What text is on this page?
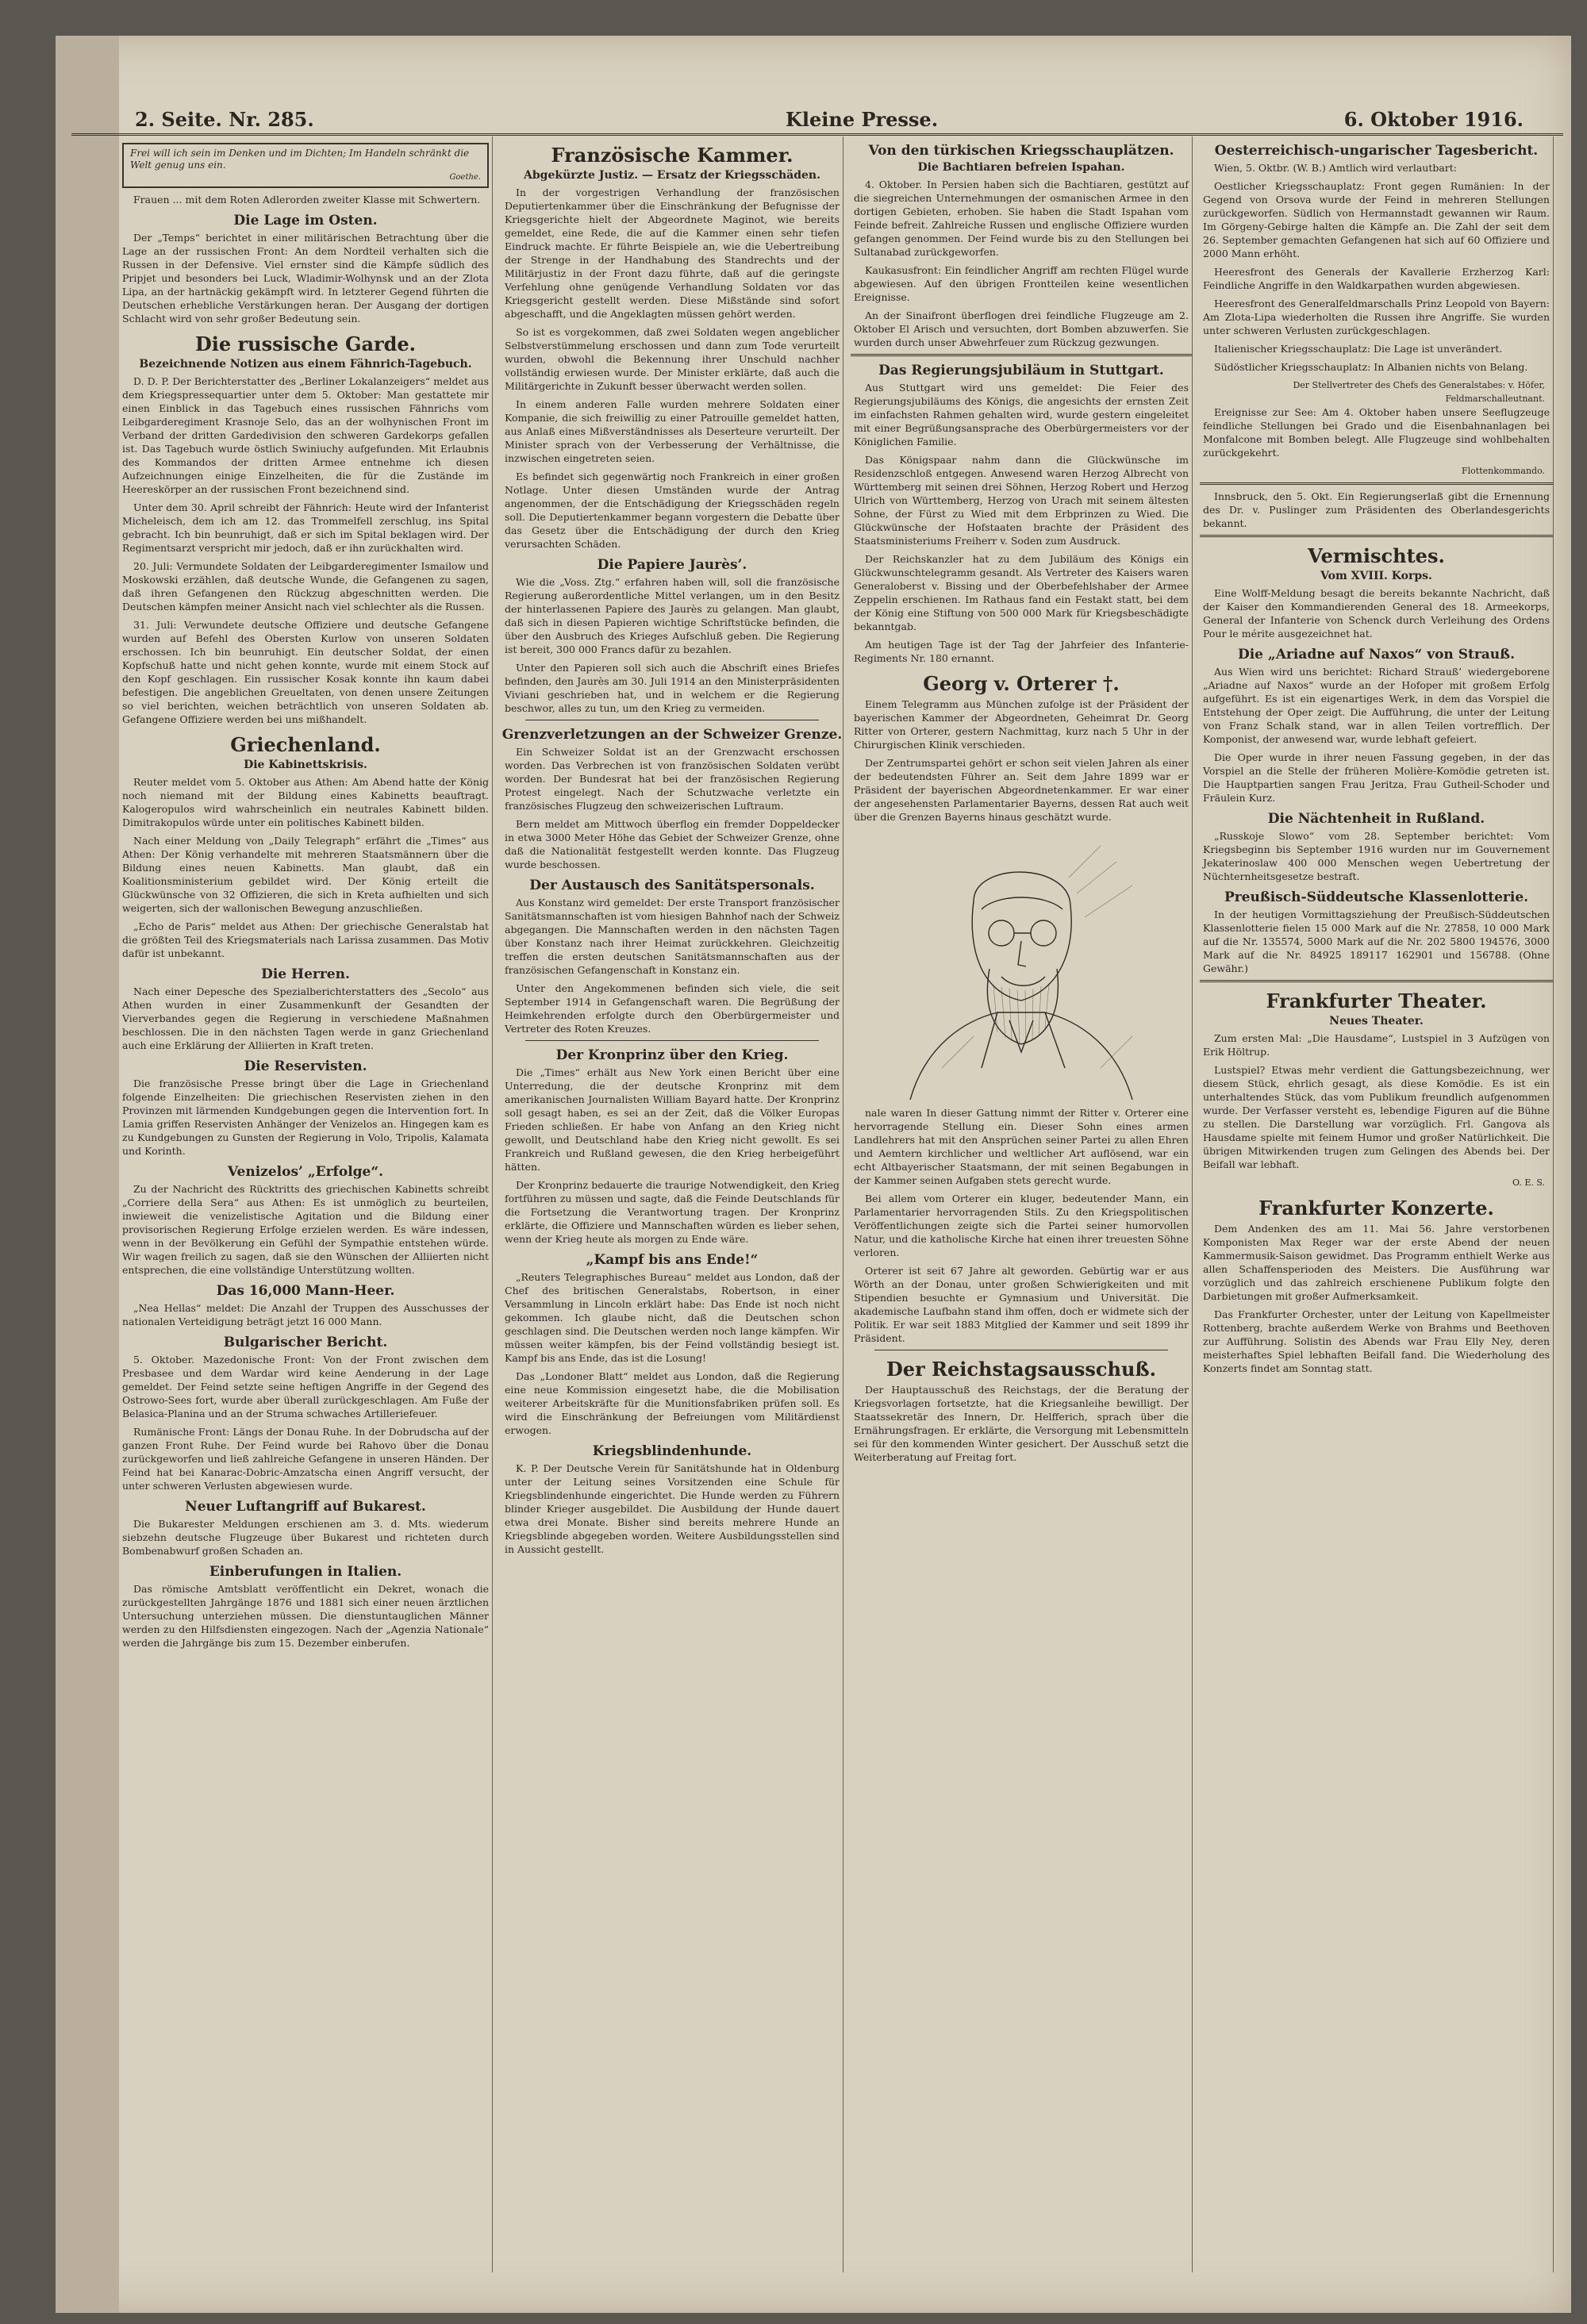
2. Seite. Nr. 285.	Kleine Presse.	6. Oktober 1916.
Frei will ich sein im Denken und im Dichten; Im Handeln schränkt die Welt genug uns ein.
Goethe.

Frauen ... mit dem Roten Adlerorden zweiter Klasse mit Schwertern.

Die Lage im Osten.

Der „Temps“ berichtet in einer militärischen Betrachtung über die Lage an der russischen Front: An dem Nordteil verhalten sich die Russen in der Defensive. Viel ernster sind die Kämpfe südlich des Pripjet und besonders bei Luck, Wladimir-Wolhynsk und an der Zlota Lipa, an der hartnäckig gekämpft wird. In letzterer Gegend führten die Deutschen erhebliche Verstärkungen heran. Der Ausgang der dortigen Schlacht wird von sehr großer Bedeutung sein.

Die russische Garde.
Bezeichnende Notizen aus einem Fähnrich-Tagebuch.

D. D. P. Der Berichterstatter des „Berliner Lokalanzeigers“ meldet aus dem Kriegspressequartier unter dem 5. Oktober: Man gestattete mir einen Einblick in das Tagebuch eines russischen Fähnrichs vom Leibgarderegiment Krasnoje Selo, das an der wolhynischen Front im Verband der dritten Gardedivision den schweren Gardekorps gefallen ist. Das Tagebuch wurde östlich Swiniuchy aufgefunden. Mit Erlaubnis des Kommandos der dritten Armee entnehme ich diesen Aufzeichnungen einige Einzelheiten, die für die Zustände im Heereskörper an der russischen Front bezeichnend sind.

Unter dem 30. April schreibt der Fähnrich: Heute wird der Infanterist Micheleisch, dem ich am 12. das Trommelfell zerschlug, ins Spital gebracht. Ich bin beunruhigt, daß er sich im Spital beklagen wird. Der Regimentsarzt verspricht mir jedoch, daß er ihn zurückhalten wird.

20. Juli: Vermundete Soldaten der Leibgarderegimenter Ismailow und Moskowski erzählen, daß deutsche Wunde, die Gefangenen zu sagen, daß ihren Gefangenen den Rückzug abgeschnitten werden. Die Deutschen kämpfen meiner Ansicht nach viel schlechter als die Russen.

31. Juli: Verwundete deutsche Offiziere und deutsche Gefangene wurden auf Befehl des Obersten Kurlow von unseren Soldaten erschossen. Ich bin beunruhigt. Ein deutscher Soldat, der einen Kopfschuß hatte und nicht gehen konnte, wurde mit einem Stock auf den Kopf geschlagen. Ein russischer Kosak konnte ihn kaum dabei befestigen. Die angeblichen Greueltaten, von denen unsere Zeitungen so viel berichten, weichen beträchtlich von unseren Soldaten ab. Gefangene Offiziere werden bei uns mißhandelt.

Griechenland.
Die Kabinettskrisis.

Reuter meldet vom 5. Oktober aus Athen: Am Abend hatte der König noch niemand mit der Bildung eines Kabinetts beauftragt. Kalogeropulos wird wahrscheinlich ein neutrales Kabinett bilden. Dimitrakopulos würde unter ein politisches Kabinett bilden.

Nach einer Meldung von „Daily Telegraph“ erfährt die „Times“ aus Athen: Der König verhandelte mit mehreren Staatsmännern über die Bildung eines neuen Kabinetts. Man glaubt, daß ein Koalitionsministerium gebildet wird. Der König erteilt die Glückwünsche von 32 Offizieren, die sich in Kreta aufhielten und sich weigerten, sich der wallonischen Bewegung anzuschließen.

„Echo de Paris“ meldet aus Athen: Der griechische Generalstab hat die größten Teil des Kriegsmaterials nach Larissa zusammen. Das Motiv dafür ist unbekannt.

Die Herren.

Nach einer Depesche des Spezialberichterstatters des „Secolo“ aus Athen wurden in einer Zusammenkunft der Gesandten der Vierverbandes gegen die Regierung in verschiedene Maßnahmen beschlossen. Die in den nächsten Tagen werde in ganz Griechenland auch eine Erklärung der Alliierten in Kraft treten.

Die Reservisten.

Die französische Presse bringt über die Lage in Griechenland folgende Einzelheiten: Die griechischen Reservisten ziehen in den Provinzen mit lärmenden Kundgebungen gegen die Intervention fort. In Lamia griffen Reservisten Anhänger der Venizelos an. Hingegen kam es zu Kundgebungen zu Gunsten der Regierung in Volo, Tripolis, Kalamata und Korinth.

Venizelos’ „Erfolge“.

Zu der Nachricht des Rücktritts des griechischen Kabinetts schreibt „Corriere della Sera“ aus Athen: Es ist unmöglich zu beurteilen, inwieweit die venizelistische Agitation und die Bildung einer provisorischen Regierung Erfolge erzielen werden. Es wäre indessen, wenn in der Bevölkerung ein Gefühl der Sympathie entstehen würde. Wir wagen freilich zu sagen, daß sie den Wünschen der Alliierten nicht entsprechen, die eine vollständige Unterstützung wollten.

Das 16,000 Mann-Heer.

„Nea Hellas“ meldet: Die Anzahl der Truppen des Ausschusses der nationalen Verteidigung beträgt jetzt 16 000 Mann.

Bulgarischer Bericht.

5. Oktober. Mazedonische Front: Von der Front zwischen dem Presbasee und dem Wardar wird keine Aenderung in der Lage gemeldet. Der Feind setzte seine heftigen Angriffe in der Gegend des Ostrowo-Sees fort, wurde aber überall zurückgeschlagen. Am Fuße der Belasica-Planina und an der Struma schwaches Artilleriefeuer.

Rumänische Front: Längs der Donau Ruhe. In der Dobrudscha auf der ganzen Front Ruhe. Der Feind wurde bei Rahovo über die Donau zurückgeworfen und ließ zahlreiche Gefangene in unseren Händen. Der Feind hat bei Kanarac-Dobric-Amzatscha einen Angriff versucht, der unter schweren Verlusten abgewiesen wurde.

Neuer Luftangriff auf Bukarest.

Die Bukarester Meldungen erschienen am 3. d. Mts. wiederum siebzehn deutsche Flugzeuge über Bukarest und richteten durch Bombenabwurf großen Schaden an.

Einberufungen in Italien.

Das römische Amtsblatt veröffentlicht ein Dekret, wonach die zurückgestellten Jahrgänge 1876 und 1881 sich einer neuen ärztlichen Untersuchung unterziehen müssen. Die dienstuntauglichen Männer werden zu den Hilfsdiensten eingezogen. Nach der „Agenzia Nationale“ werden die Jahrgänge bis zum 15. Dezember einberufen.

Französische Kammer.
Abgekürzte Justiz. — Ersatz der Kriegsschäden.

In der vorgestrigen Verhandlung der französischen Deputiertenkammer über die Einschränkung der Befugnisse der Kriegsgerichte hielt der Abgeordnete Maginot, wie bereits gemeldet, eine Rede, die auf die Kammer einen sehr tiefen Eindruck machte. Er führte Beispiele an, wie die Uebertreibung der Strenge in der Handhabung des Standrechts und der Militärjustiz in der Front dazu führte, daß auf die geringste Verfehlung ohne genügende Verhandlung Soldaten vor das Kriegsgericht gestellt werden. Diese Mißstände sind sofort abgeschafft, und die Angeklagten müssen gehört werden.

So ist es vorgekommen, daß zwei Soldaten wegen angeblicher Selbstverstümmelung erschossen und dann zum Tode verurteilt wurden, obwohl die Bekennung ihrer Unschuld nachher vollständig erwiesen wurde. Der Minister erklärte, daß auch die Militärgerichte in Zukunft besser überwacht werden sollen.

In einem anderen Falle wurden mehrere Soldaten einer Kompanie, die sich freiwillig zu einer Patrouille gemeldet hatten, aus Anlaß eines Mißverständnisses als Deserteure verurteilt. Der Minister sprach von der Verbesserung der Verhältnisse, die inzwischen eingetreten seien.

Es befindet sich gegenwärtig noch Frankreich in einer großen Notlage. Unter diesen Umständen wurde der Antrag angenommen, der die Entschädigung der Kriegsschäden regeln soll. Die Deputiertenkammer begann vorgestern die Debatte über das Gesetz über die Entschädigung der durch den Krieg verursachten Schäden.

Die Papiere Jaurès’.

Wie die „Voss. Ztg.“ erfahren haben will, soll die französische Regierung außerordentliche Mittel verlangen, um in den Besitz der hinterlassenen Papiere des Jaurès zu gelangen. Man glaubt, daß sich in diesen Papieren wichtige Schriftstücke befinden, die über den Ausbruch des Krieges Aufschluß geben. Die Regierung ist bereit, 300 000 Francs dafür zu bezahlen.

Unter den Papieren soll sich auch die Abschrift eines Briefes befinden, den Jaurès am 30. Juli 1914 an den Ministerpräsidenten Viviani geschrieben hat, und in welchem er die Regierung beschwor, alles zu tun, um den Krieg zu vermeiden.

Grenzverletzungen an der Schweizer Grenze.

Ein Schweizer Soldat ist an der Grenzwacht erschossen worden. Das Verbrechen ist von französischen Soldaten verübt worden. Der Bundesrat hat bei der französischen Regierung Protest eingelegt. Nach der Schutzwache verletzte ein französisches Flugzeug den schweizerischen Luftraum.

Bern meldet am Mittwoch überflog ein fremder Doppeldecker in etwa 3000 Meter Höhe das Gebiet der Schweizer Grenze, ohne daß die Nationalität festgestellt werden konnte. Das Flugzeug wurde beschossen.

Der Austausch des Sanitätspersonals.

Aus Konstanz wird gemeldet: Der erste Transport französischer Sanitätsmannschaften ist vom hiesigen Bahnhof nach der Schweiz abgegangen. Die Mannschaften werden in den nächsten Tagen über Konstanz nach ihrer Heimat zurückkehren. Gleichzeitig treffen die ersten deutschen Sanitätsmannschaften aus der französischen Gefangenschaft in Konstanz ein.

Unter den Angekommenen befinden sich viele, die seit September 1914 in Gefangenschaft waren. Die Begrüßung der Heimkehrenden erfolgte durch den Oberbürgermeister und Vertreter des Roten Kreuzes.

Der Kronprinz über den Krieg.

Die „Times“ erhält aus New York einen Bericht über eine Unterredung, die der deutsche Kronprinz mit dem amerikanischen Journalisten William Bayard hatte. Der Kronprinz soll gesagt haben, es sei an der Zeit, daß die Völker Europas Frieden schließen. Er habe von Anfang an den Krieg nicht gewollt, und Deutschland habe den Krieg nicht gewollt. Es sei Frankreich und Rußland gewesen, die den Krieg herbeigeführt hätten.

Der Kronprinz bedauerte die traurige Notwendigkeit, den Krieg fortführen zu müssen und sagte, daß die Feinde Deutschlands für die Fortsetzung die Verantwortung tragen. Der Kronprinz erklärte, die Offiziere und Mannschaften würden es lieber sehen, wenn der Krieg heute als morgen zu Ende wäre.

„Kampf bis ans Ende!“

„Reuters Telegraphisches Bureau“ meldet aus London, daß der Chef des britischen Generalstabs, Robertson, in einer Versammlung in Lincoln erklärt habe: Das Ende ist noch nicht gekommen. Ich glaube nicht, daß die Deutschen schon geschlagen sind. Die Deutschen werden noch lange kämpfen. Wir müssen weiter kämpfen, bis der Feind vollständig besiegt ist. Kampf bis ans Ende, das ist die Losung!

Das „Londoner Blatt“ meldet aus London, daß die Regierung eine neue Kommission eingesetzt habe, die die Mobilisation weiterer Arbeitskräfte für die Munitionsfabriken prüfen soll. Es wird die Einschränkung der Befreiungen vom Militärdienst erwogen.

Kriegsblindenhunde.

K. P. Der Deutsche Verein für Sanitätshunde hat in Oldenburg unter der Leitung seines Vorsitzenden eine Schule für Kriegsblindenhunde eingerichtet. Die Hunde werden zu Führern blinder Krieger ausgebildet. Die Ausbildung der Hunde dauert etwa drei Monate. Bisher sind bereits mehrere Hunde an Kriegsblinde abgegeben worden. Weitere Ausbildungsstellen sind in Aussicht gestellt.

Von den türkischen Kriegsschauplätzen.
Die Bachtiaren befreien Ispahan.

4. Oktober. In Persien haben sich die Bachtiaren, gestützt auf die siegreichen Unternehmungen der osmanischen Armee in den dortigen Gebieten, erhoben. Sie haben die Stadt Ispahan vom Feinde befreit. Zahlreiche Russen und englische Offiziere wurden gefangen genommen. Der Feind wurde bis zu den Stellungen bei Sultanabad zurückgeworfen.

Kaukasusfront: Ein feindlicher Angriff am rechten Flügel wurde abgewiesen. Auf den übrigen Frontteilen keine wesentlichen Ereignisse.

An der Sinaifront überflogen drei feindliche Flugzeuge am 2. Oktober El Arisch und versuchten, dort Bomben abzuwerfen. Sie wurden durch unser Abwehrfeuer zum Rückzug gezwungen.

Das Regierungsjubiläum in Stuttgart.

Aus Stuttgart wird uns gemeldet: Die Feier des Regierungsjubiläums des Königs, die angesichts der ernsten Zeit im einfachsten Rahmen gehalten wird, wurde gestern eingeleitet mit einer Begrüßungsansprache des Oberbürgermeisters vor der Königlichen Familie.

Das Königspaar nahm dann die Glückwünsche im Residenzschloß entgegen. Anwesend waren Herzog Albrecht von Württemberg mit seinen drei Söhnen, Herzog Robert und Herzog Ulrich von Württemberg, Herzog von Urach mit seinem ältesten Sohne, der Fürst zu Wied mit dem Erbprinzen zu Wied. Die Glückwünsche der Hofstaaten brachte der Präsident des Staatsministeriums Freiherr v. Soden zum Ausdruck.

Der Reichskanzler hat zu dem Jubiläum des Königs ein Glückwunschtelegramm gesandt. Als Vertreter des Kaisers waren Generaloberst v. Bissing und der Oberbefehlshaber der Armee Zeppelin erschienen. Im Rathaus fand ein Festakt statt, bei dem der König eine Stiftung von 500 000 Mark für Kriegsbeschädigte bekanntgab.

Am heutigen Tage ist der Tag der Jahrfeier des Infanterie-Regiments Nr. 180 ernannt.

Georg v. Orterer †.

Einem Telegramm aus München zufolge ist der Präsident der bayerischen Kammer der Abgeordneten, Geheimrat Dr. Georg Ritter von Orterer, gestern Nachmittag, kurz nach 5 Uhr in der Chirurgischen Klinik verschieden.

Der Zentrumspartei gehört er schon seit vielen Jahren als einer der bedeutendsten Führer an. Seit dem Jahre 1899 war er Präsident der bayerischen Abgeordnetenkammer. Er war einer der angesehensten Parlamentarier Bayerns, dessen Rat auch weit über die Grenzen Bayerns hinaus geschätzt wurde.

nale waren In dieser Gattung nimmt der Ritter v. Orterer eine hervorragende Stellung ein. Dieser Sohn eines armen Landlehrers hat mit den Ansprüchen seiner Partei zu allen Ehren und Aemtern kirchlicher und weltlicher Art auflösend, war ein echt Altbayerischer Staatsmann, der mit seinen Begabungen in der Kammer seinen Aufgaben stets gerecht wurde.

Bei allem vom Orterer ein kluger, bedeutender Mann, ein Parlamentarier hervorragenden Stils. Zu den Kriegspolitischen Veröffentlichungen zeigte sich die Partei seiner humorvollen Natur, und die katholische Kirche hat einen ihrer treuesten Söhne verloren.

Orterer ist seit 67 Jahre alt geworden. Gebürtig war er aus Wörth an der Donau, unter großen Schwierigkeiten und mit Stipendien besuchte er Gymnasium und Universität. Die akademische Laufbahn stand ihm offen, doch er widmete sich der Politik. Er war seit 1883 Mitglied der Kammer und seit 1899 ihr Präsident.

Der Reichstagsausschuß.

Der Hauptausschuß des Reichstags, der die Beratung der Kriegsvorlagen fortsetzte, hat die Kriegsanleihe bewilligt. Der Staatssekretär des Innern, Dr. Helfferich, sprach über die Ernährungsfragen. Er erklärte, die Versorgung mit Lebensmitteln sei für den kommenden Winter gesichert. Der Ausschuß setzt die Weiterberatung auf Freitag fort.

Oesterreichisch-ungarischer Tagesbericht.

Wien, 5. Oktbr. (W. B.) Amtlich wird verlautbart:

Oestlicher Kriegsschauplatz: Front gegen Rumänien: In der Gegend von Orsova wurde der Feind in mehreren Stellungen zurückgeworfen. Südlich von Hermannstadt gewannen wir Raum. Im Görgeny-Gebirge halten die Kämpfe an. Die Zahl der seit dem 26. September gemachten Gefangenen hat sich auf 60 Offiziere und 2000 Mann erhöht.

Heeresfront des Generals der Kavallerie Erzherzog Karl: Feindliche Angriffe in den Waldkarpathen wurden abgewiesen.

Heeresfront des Generalfeldmarschalls Prinz Leopold von Bayern: Am Zlota-Lipa wiederholten die Russen ihre Angriffe. Sie wurden unter schweren Verlusten zurückgeschlagen.

Italienischer Kriegsschauplatz: Die Lage ist unverändert.

Südöstlicher Kriegsschauplatz: In Albanien nichts von Belang.

Der Stellvertreter des Chefs des Generalstabes: v. Höfer, Feldmarschalleutnant.

Ereignisse zur See: Am 4. Oktober haben unsere Seeflugzeuge feindliche Stellungen bei Grado und die Eisenbahnanlagen bei Monfalcone mit Bomben belegt. Alle Flugzeuge sind wohlbehalten zurückgekehrt.

Flottenkommando.

Innsbruck, den 5. Okt. Ein Regierungserlaß gibt die Ernennung des Dr. v. Puslinger zum Präsidenten des Oberlandesgerichts bekannt.

Vermischtes.
Vom XVIII. Korps.

Eine Wolff-Meldung besagt die bereits bekannte Nachricht, daß der Kaiser den Kommandierenden General des 18. Armeekorps, General der Infanterie von Schenck durch Verleihung des Ordens Pour le mérite ausgezeichnet hat.

Die „Ariadne auf Naxos“ von Strauß.

Aus Wien wird uns berichtet: Richard Strauß’ wiedergeborene „Ariadne auf Naxos“ wurde an der Hofoper mit großem Erfolg aufgeführt. Es ist ein eigenartiges Werk, in dem das Vorspiel die Entstehung der Oper zeigt. Die Aufführung, die unter der Leitung von Franz Schalk stand, war in allen Teilen vortrefflich. Der Komponist, der anwesend war, wurde lebhaft gefeiert.

Die Oper wurde in ihrer neuen Fassung gegeben, in der das Vorspiel an die Stelle der früheren Molière-Komödie getreten ist. Die Hauptpartien sangen Frau Jeritza, Frau Gutheil-Schoder und Fräulein Kurz.

Die Nächtenheit in Rußland.

„Russkoje Slowo“ vom 28. September berichtet: Vom Kriegsbeginn bis September 1916 wurden nur im Gouvernement Jekaterinoslaw 400 000 Menschen wegen Uebertretung der Nüchternheitsgesetze bestraft.

Preußisch-Süddeutsche Klassenlotterie.

In der heutigen Vormittagsziehung der Preußisch-Süddeutschen Klassenlotterie fielen 15 000 Mark auf die Nr. 27858, 10 000 Mark auf die Nr. 135574, 5000 Mark auf die Nr. 202 5800 194576, 3000 Mark auf die Nr. 84925 189117 162901 und 156788. (Ohne Gewähr.)

Frankfurter Theater.
Neues Theater.

Zum ersten Mal: „Die Hausdame“, Lustspiel in 3 Aufzügen von Erik Höltrup.

Lustspiel? Etwas mehr verdient die Gattungsbezeichnung, wer diesem Stück, ehrlich gesagt, als diese Komödie. Es ist ein unterhaltendes Stück, das vom Publikum freundlich aufgenommen wurde. Der Verfasser versteht es, lebendige Figuren auf die Bühne zu stellen. Die Darstellung war vorzüglich. Frl. Gangova als Hausdame spielte mit feinem Humor und großer Natürlichkeit. Die übrigen Mitwirkenden trugen zum Gelingen des Abends bei. Der Beifall war lebhaft.

O. E. S.
Frankfurter Konzerte.

Dem Andenken des am 11. Mai 56. Jahre verstorbenen Komponisten Max Reger war der erste Abend der neuen Kammermusik-Saison gewidmet. Das Programm enthielt Werke aus allen Schaffensperioden des Meisters. Die Ausführung war vorzüglich und das zahlreich erschienene Publikum folgte den Darbietungen mit großer Aufmerksamkeit.

Das Frankfurter Orchester, unter der Leitung von Kapellmeister Rottenberg, brachte außerdem Werke von Brahms und Beethoven zur Aufführung. Solistin des Abends war Frau Elly Ney, deren meisterhaftes Spiel lebhaften Beifall fand. Die Wiederholung des Konzerts findet am Sonntag statt.
